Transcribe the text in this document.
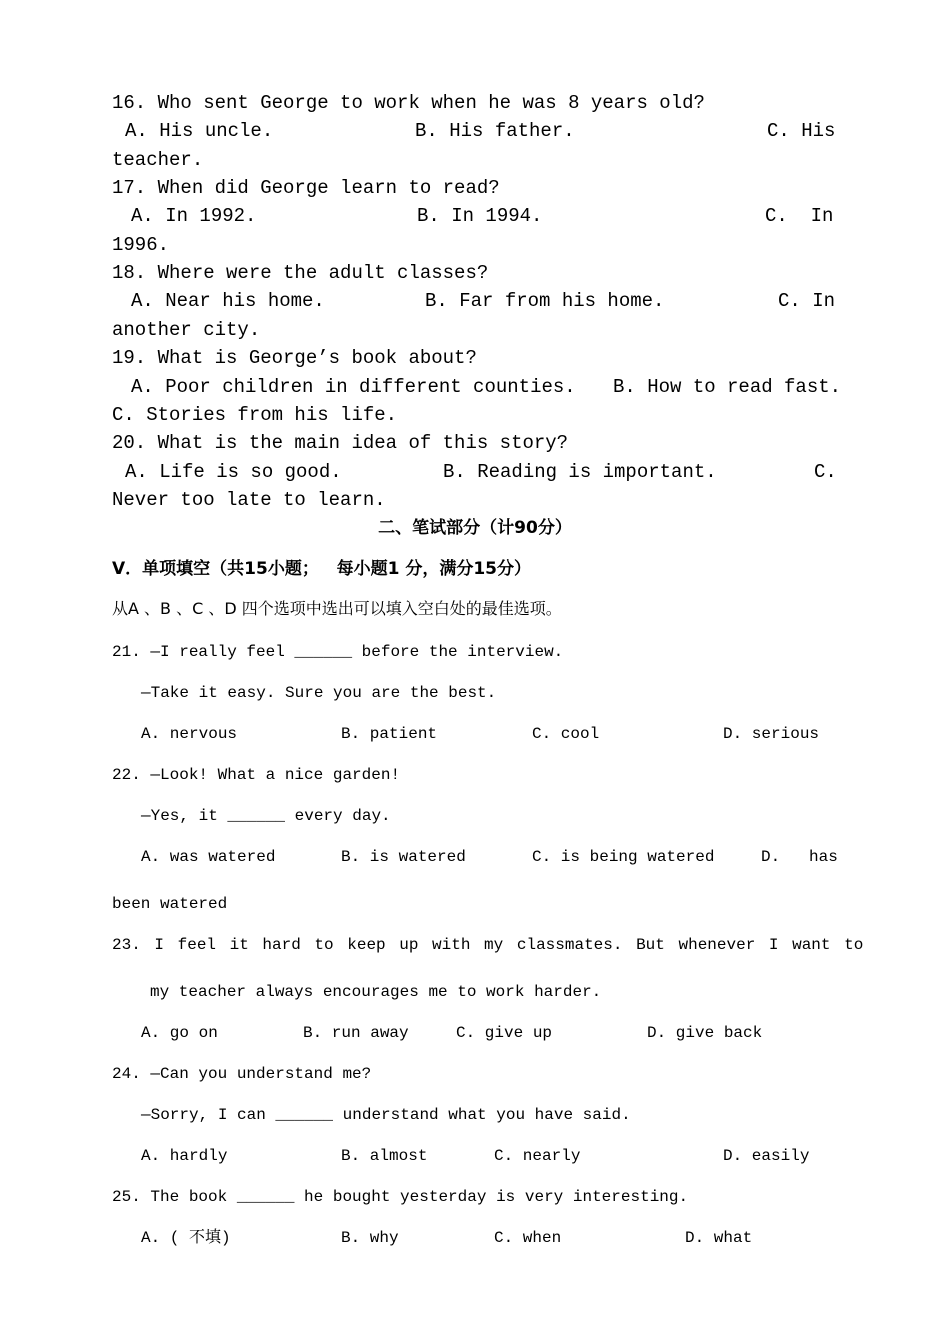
16. Who sent George to work when he was 8 years old?
A. His uncle.	B. His father.	C. His
teacher.
17. When did George learn to read?
A. In 1992.	B. In 1994.	C.  In
1996.
18. Where were the adult classes?
A. Near his home.	B. Far from his home.	C. In
another city.
19. What is George’s book about?
A. Poor children in different counties. B. How to read fast.
C. Stories from his life.
20. What is the main idea of this story?
A. Life is so good.	B. Reading is important.	C.
Never too late to learn.
二、笔试部分（计90分）
V．单项填空（共15小题；   每小题1 分，满分15分）
从A 、B 、C 、D 四个选项中选出可以填入空白处的最佳选项。
21. —I really feel ______ before the interview.
—Take it easy. Sure you are the best.
A. nervous	B. patient	C. cool	D. serious
22. —Look! What a nice garden!
—Yes, it ______ every day.
A. was watered	B. is watered	C. is being watered	D. has
been watered
23. I feel it hard to keep up with my classmates. But whenever I want to
my teacher always encourages me to work harder.
A. go on	B. run away	C. give up	D. give back
24. —Can you understand me?
—Sorry, I can ______ understand what you have said.
A. hardly	B. almost	C. nearly	D. easily
25. The book ______ he bought yesterday is very interesting.
A. ( 不填)	B. why	C. when	D. what
